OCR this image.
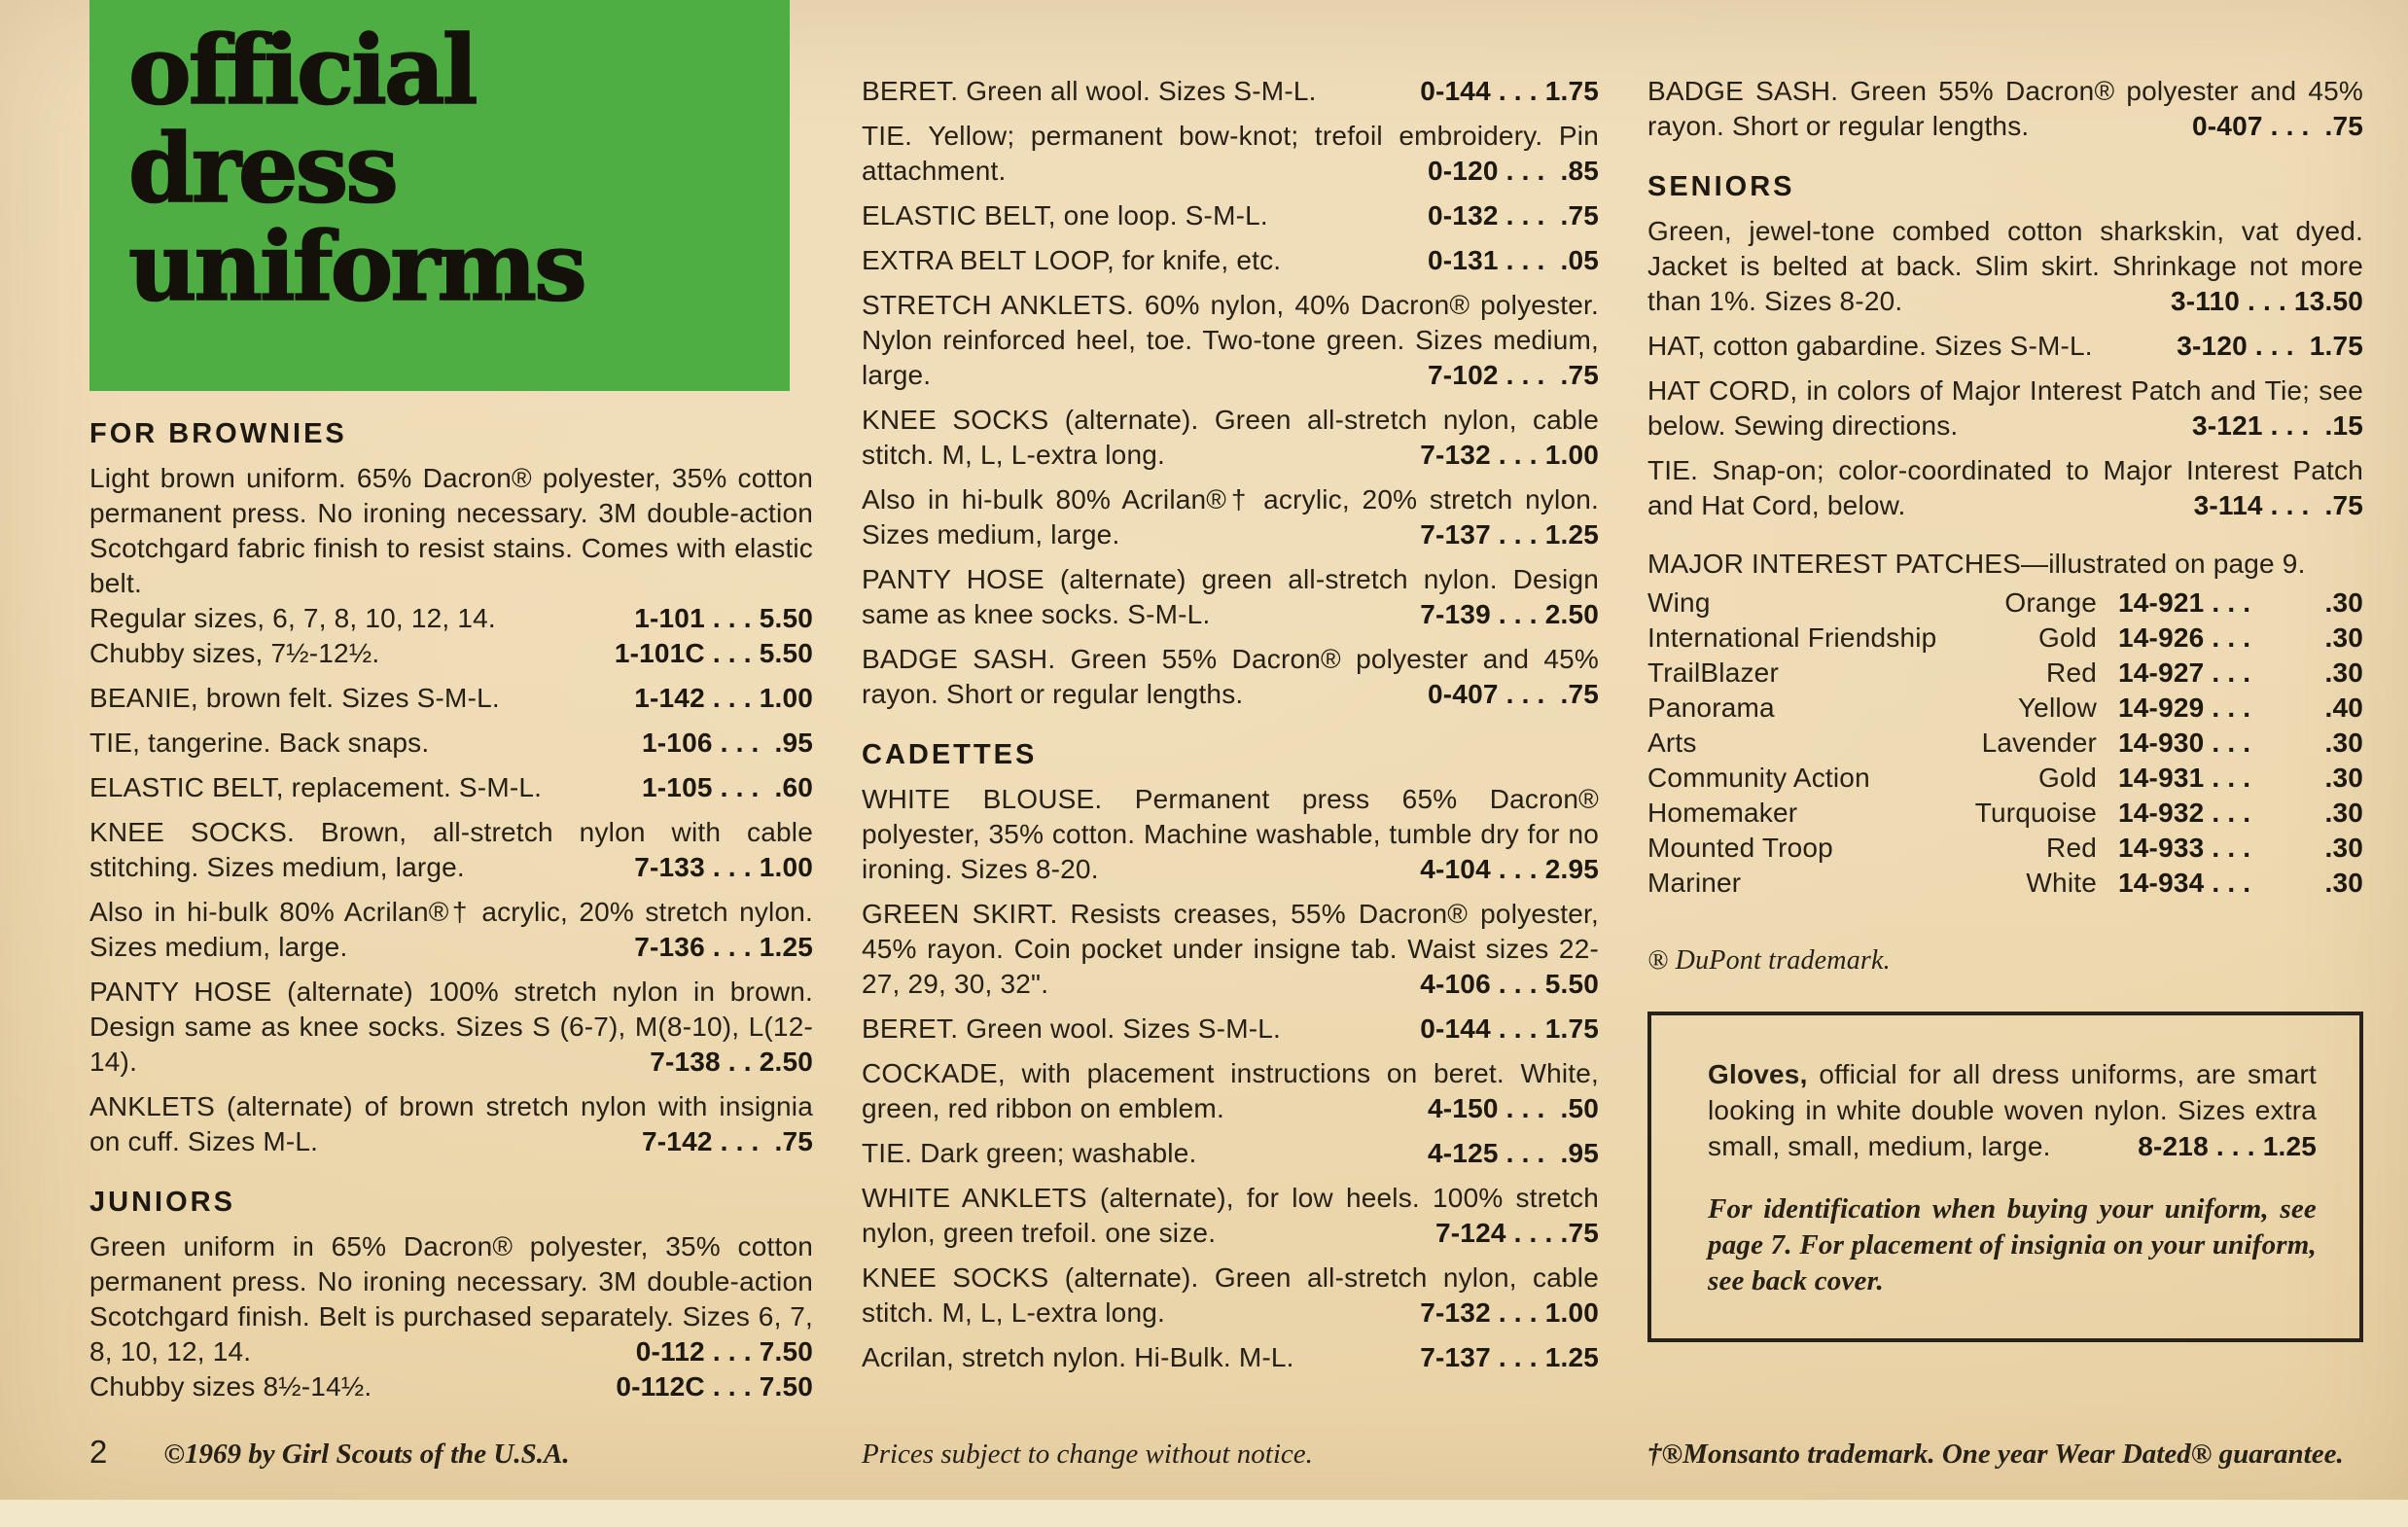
official
dress
uniforms
FOR BROWNIES

Light brown uniform. 65% Dacron® polyester, 35% cotton permanent press. No ironing necessary. 3M double-action Scotchgard fabric finish to resist stains. Comes with elastic belt.

Regular sizes, 6, 7, 8, 10, 12, 14.	1-101 . . . 5.50

Chubby sizes, 7½-12½.	1-101C . . . 5.50

BEANIE, brown felt. Sizes S-M-L.	1-142 . . . 1.00

TIE, tangerine. Back snaps.	1-106 . . .  .95

ELASTIC BELT, replacement. S-M-L.	1-105 . . .  .60

KNEE SOCKS. Brown, all-stretch nylon with cable stitching. Sizes medium, large.	7-133 . . . 1.00

Also in hi-bulk 80% Acrilan®† acrylic, 20% stretch nylon. Sizes medium, large.	7-136 . . . 1.25

PANTY HOSE (alternate) 100% stretch nylon in brown. Design same as knee socks. Sizes S (6-7), M(8-10), L(12-14).	7-138 . . 2.50

ANKLETS (alternate) of brown stretch nylon with insignia on cuff. Sizes M-L.	7-142 . . .  .75

JUNIORS

Green uniform in 65% Dacron® polyester, 35% cotton permanent press. No ironing necessary. 3M double-action Scotchgard finish. Belt is purchased separately. Sizes 6, 7, 8, 10, 12, 14.	0-112 . . . 7.50

Chubby sizes 8½-14½.	0-112C . . . 7.50

BERET. Green all wool. Sizes S-M-L.	0-144 . . . 1.75

TIE. Yellow; permanent bow-knot; trefoil embroidery. Pin attachment.	0-120 . . .  .85

ELASTIC BELT, one loop. S-M-L.	0-132 . . .  .75

EXTRA BELT LOOP, for knife, etc.	0-131 . . .  .05

STRETCH ANKLETS. 60% nylon, 40% Dacron® polyester. Nylon reinforced heel, toe. Two-tone green. Sizes medium, large.	7-102 . . .  .75

KNEE SOCKS (alternate). Green all-stretch nylon, cable stitch. M, L, L-extra long.	7-132 . . . 1.00

Also in hi-bulk 80% Acrilan®† acrylic, 20% stretch nylon. Sizes medium, large.	7-137 . . . 1.25

PANTY HOSE (alternate) green all-stretch nylon. Design same as knee socks. S-M-L.	7-139 . . . 2.50

BADGE SASH. Green 55% Dacron® polyester and 45% rayon. Short or regular lengths.	0-407 . . .  .75

CADETTES

WHITE BLOUSE. Permanent press 65% Dacron® polyester, 35% cotton. Machine washable, tumble dry for no ironing. Sizes 8-20.	4-104 . . . 2.95

GREEN SKIRT. Resists creases, 55% Dacron® polyester, 45% rayon. Coin pocket under insigne tab. Waist sizes 22-27, 29, 30, 32".	4-106 . . . 5.50

BERET. Green wool. Sizes S-M-L.	0-144 . . . 1.75

COCKADE, with placement instructions on beret. White, green, red ribbon on emblem.	4-150 . . .  .50

TIE. Dark green; washable.	4-125 . . .  .95

WHITE ANKLETS (alternate), for low heels. 100% stretch nylon, green trefoil. one size.	7-124 . . . .75

KNEE SOCKS (alternate). Green all-stretch nylon, cable stitch. M, L, L-extra long.	7-132 . . . 1.00

Acrilan, stretch nylon. Hi-Bulk. M-L.	7-137 . . . 1.25

BADGE SASH. Green 55% Dacron® polyester and 45% rayon. Short or regular lengths.	0-407 . . .  .75

SENIORS

Green, jewel-tone combed cotton sharkskin, vat dyed. Jacket is belted at back. Slim skirt. Shrinkage not more than 1%. Sizes 8-20.	3-110 . . . 13.50

HAT, cotton gabardine. Sizes S-M-L.	3-120 . . .  1.75

HAT CORD, in colors of Major Interest Patch and Tie; see below. Sewing directions.	3-121 . . .  .15

TIE. Snap-on; color-coordinated to Major Interest Patch and Hat Cord, below.	3-114 . . .  .75

MAJOR INTEREST PATCHES—illustrated on page 9.

Wing	Orange 14-921 . . .	.30
International Friendship	Gold 14-926 . . .	.30
TrailBlazer	Red 14-927 . . .	.30
Panorama	Yellow 14-929 . . .	.40
Arts	Lavender 14-930 . . .	.30
Community Action	Gold 14-931 . . .	.30
Homemaker	Turquoise 14-932 . . .	.30
Mounted Troop	Red 14-933 . . .	.30
Mariner	White 14-934 . . .	.30

® DuPont trademark.

Gloves, official for all dress uniforms, are smart looking in white double woven nylon. Sizes extra small, small, medium, large.	8-218 . . . 1.25

For identification when buying your uniform, see page 7. For placement of insignia on your uniform, see back cover.

2 ©1969 by Girl Scouts of the U.S.A.	Prices subject to change without notice.	†®Monsanto trademark. One year Wear Dated® guarantee.
